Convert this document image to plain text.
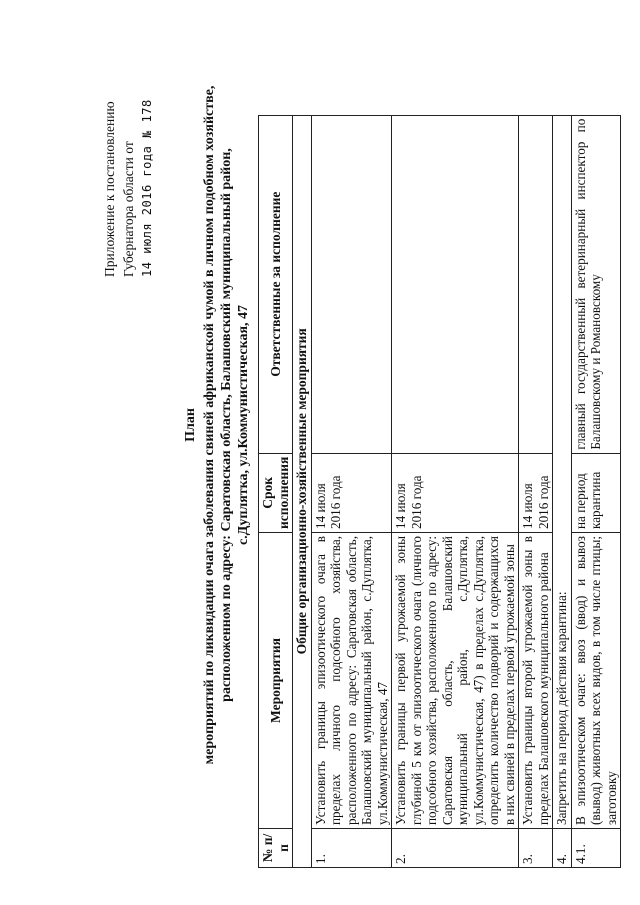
Приложение к постановлению Губернатора области от 14 июля 2016 года № 178
План мероприятий по ликвидации очага заболевания свиней африканской чумой в личном подобном хозяйстве, расположенном по адресу: Саратовская область, Балашовский муниципальный район, с.Дуплятка, ул.Коммунистическая, 47
№ п/п	Мероприятия	Срок исполнения	Ответственные за исполнение
Общие организационно-хозяйственные мероприятия			
1.	Установить границы эпизоотического очага в пределах личного подсобного хозяйства, расположенного по адресу: Саратовская область, Балашовский муниципальный район, с.Дуплятка, ул.Коммунистическая, 47	14 июля 2016 года	
2.	Установить границы первой угрожаемой зоны глубиной 5 км от эпизоотического очага (личного подсобного хозяйства, расположенного по адресу: Саратовская область, Балашовский муниципальный район, с.Дуплятка, ул.Коммунистическая, 47) в пределах с.Дуплятка, определить количество подворий и содержащихся в них свиней в пределах первой угрожаемой зоны	14 июля 2016 года	
3.	Установить границы второй угрожаемой зоны в пределах Балашовского муниципального района	14 июля 2016 года	
4.	Запретить на период действия карантина:		
4.1.	В эпизоотическом очаге: ввоз (ввод) и вывоз (вывод) животных всех видов, в том числе птицы; заготовку	на период карантина	главный государственный ветеринарный инспектор по Балашовскому и Романовскому
